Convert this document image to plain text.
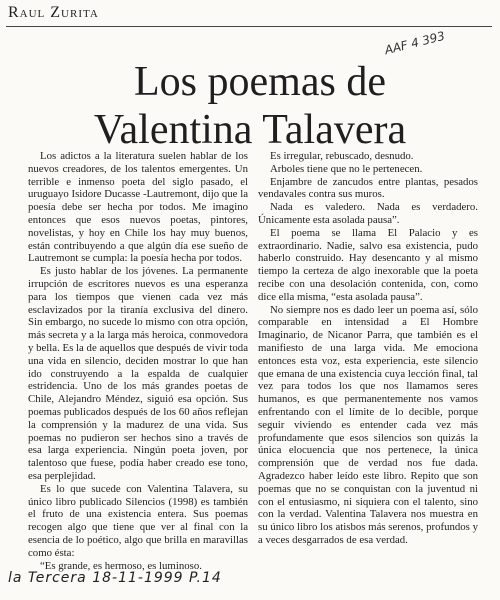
Raul Zurita
AAF 4 393
Los poemas de
Valentina Talavera

Los adictos a la literatura suelen hablar de los nuevos creadores, de los talentos emergentes. Un terrible e inmenso poeta del siglo pasado, el uruguayo Isidore Ducasse -Lautremont, dijo que la poesía debe ser hecha por todos. Me imagino entonces que esos nuevos poetas, pintores, novelistas, y hoy en Chile los hay muy buenos, están contribuyendo a que algún día ese sueño de Lautremont se cumpla: la poesía hecha por todos.

Es justo hablar de los jóvenes. La permanente irrupción de escritores nuevos es una esperanza para los tiempos que vienen cada vez más esclavizados por la tiranía exclusiva del dinero. Sin embargo, no sucede lo mismo con otra opción, más secreta y a la larga más heroica, conmovedora y bella. Es la de aquellos que después de vivir toda una vida en silencio, deciden mostrar lo que han ido construyendo a la espalda de cualquier estridencia. Uno de los más grandes poetas de Chile, Alejandro Méndez, siguió esa opción. Sus poemas publicados después de los 60 años reflejan la comprensión y la madurez de una vida. Sus poemas no pudieron ser hechos sino a través de esa larga experiencia. Ningún poeta joven, por talentoso que fuese, podía haber creado ese tono, esa perplejidad.

Es lo que sucede con Valentina Talavera, su único libro publicado Silencios (1998) es también el fruto de una existencia entera. Sus poemas recogen algo que tiene que ver al final con la esencia de lo poético, algo que brilla en maravillas como ésta:

“Es grande, es hermoso, es luminoso.

Es irregular, rebuscado, desnudo.

Arboles tiene que no le pertenecen.

Enjambre de zancudos entre plantas, pesados vendavales contra sus muros.

Nada es valedero. Nada es verdadero. Únicamente esta asolada pausa”.

El poema se llama El Palacio y es extraordinario. Nadie, salvo esa existencia, pudo haberlo construido. Hay desencanto y al mismo tiempo la certeza de algo inexorable que la poeta recibe con una desolación contenida, con, como dice ella misma, “esta asolada pausa”.

No siempre nos es dado leer un poema así, sólo comparable en intensidad a El Hombre Imaginario, de Nicanor Parra, que también es el manifiesto de una larga vida. Me emociona entonces esta voz, esta experiencia, este silencio que emana de una existencia cuya lección final, tal vez para todos los que nos llamamos seres humanos, es que permanentemente nos vamos enfrentando con el límite de lo decible, porque seguir viviendo es entender cada vez más profundamente que esos silencios son quizás la única elocuencia que nos pertenece, la única comprensión que de verdad nos fue dada. Agradezco haber leído este libro. Repito que son poemas que no se conquistan con la juventud ni con el entusiasmo, ni siquiera con el talento, sino con la verdad. Valentina Talavera nos muestra en su único libro los atisbos más serenos, profundos y a veces desgarrados de esa verdad.

la Tercera 18-11-1999 P.14
